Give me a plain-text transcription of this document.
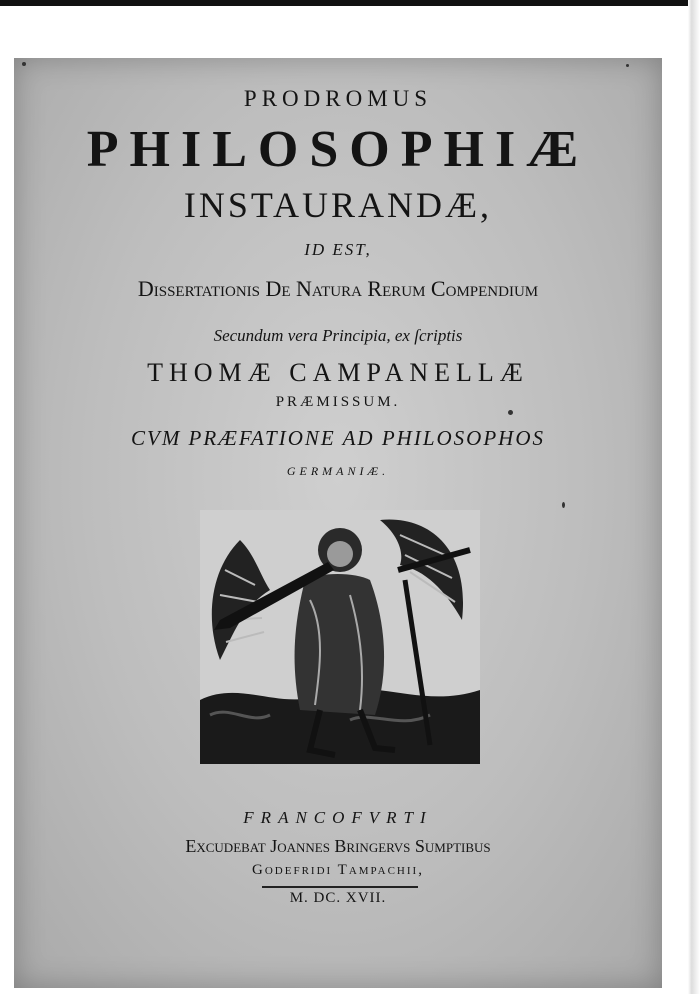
PRODROMUS
PHILOSOPHIÆ
INSTAURANDÆ,
ID EST,
Diſſertationis De Natura Rerum Compendium
Secundum vera Principia, ex ſcriptis
THOMÆ CAMPANELLÆ
PRÆMISSUM.
CVM PRÆFATIONE AD PHILOSOPHOS
GERMANIÆ.
FRANCOFVRTI
Excudebat Joannes Bringervs Sumptibus
Godefridi Tampachii,
M. DC. XVII.
